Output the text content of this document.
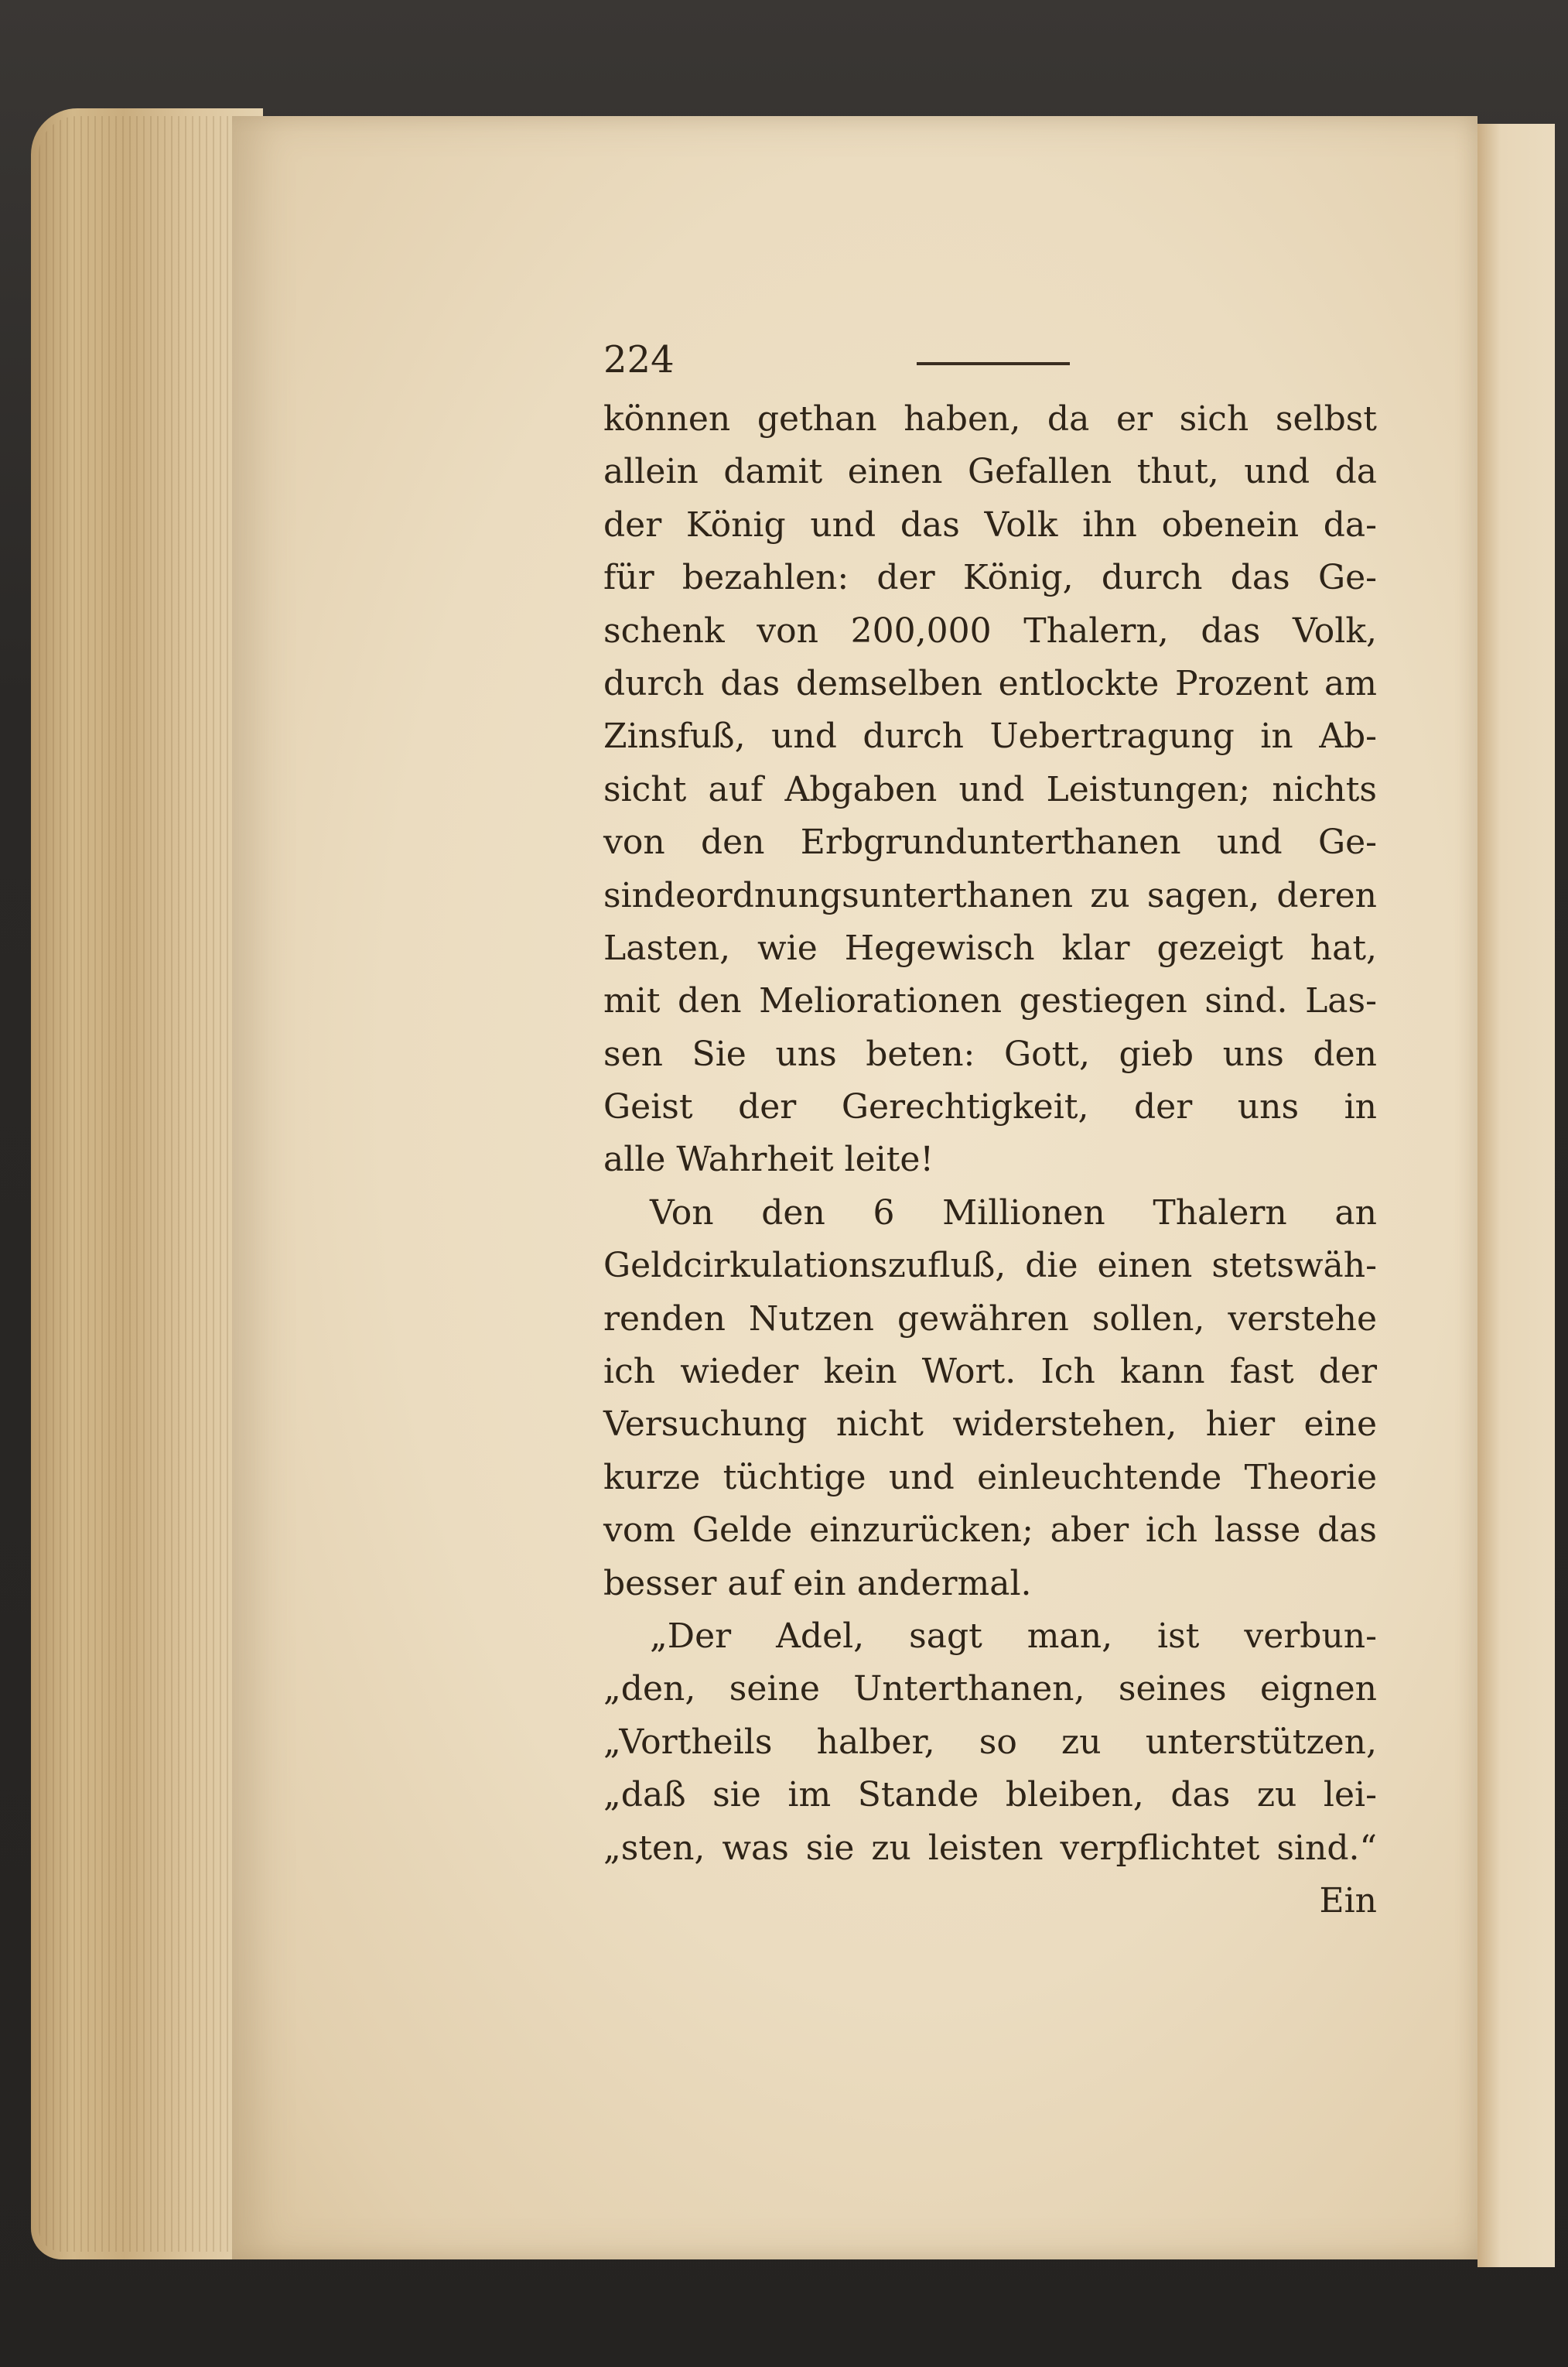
224
können gethan haben, da er sich selbst
allein damit einen Gefallen thut, und da
der König und das Volk ihn obenein da-
für bezahlen: der König, durch das Ge-
schenk von 200,000 Thalern, das Volk,
durch das demselben entlockte Prozent am
Zinsfuß, und durch Uebertragung in Ab-
sicht auf Abgaben und Leistungen; nichts
von den Erbgrundunterthanen und Ge-
sindeordnungsunterthanen zu sagen, deren
Lasten, wie Hegewisch klar gezeigt hat,
mit den Meliorationen gestiegen sind. Las-
sen Sie uns beten: Gott, gieb uns den
Geist der Gerechtigkeit, der uns in
alle Wahrheit leite!
Von den 6 Millionen Thalern an
Geldcirkulationszufluß, die einen stetswäh-
renden Nutzen gewähren sollen, verstehe
ich wieder kein Wort. Ich kann fast der
Versuchung nicht widerstehen, hier eine
kurze tüchtige und einleuchtende Theorie
vom Gelde einzurücken; aber ich lasse das
besser auf ein andermal.
„Der Adel, sagt man, ist verbun-
„den, seine Unterthanen, seines eignen
„Vortheils halber, so zu unterstützen,
„daß sie im Stande bleiben, das zu lei-
„sten, was sie zu leisten verpflichtet sind.“
Ein
